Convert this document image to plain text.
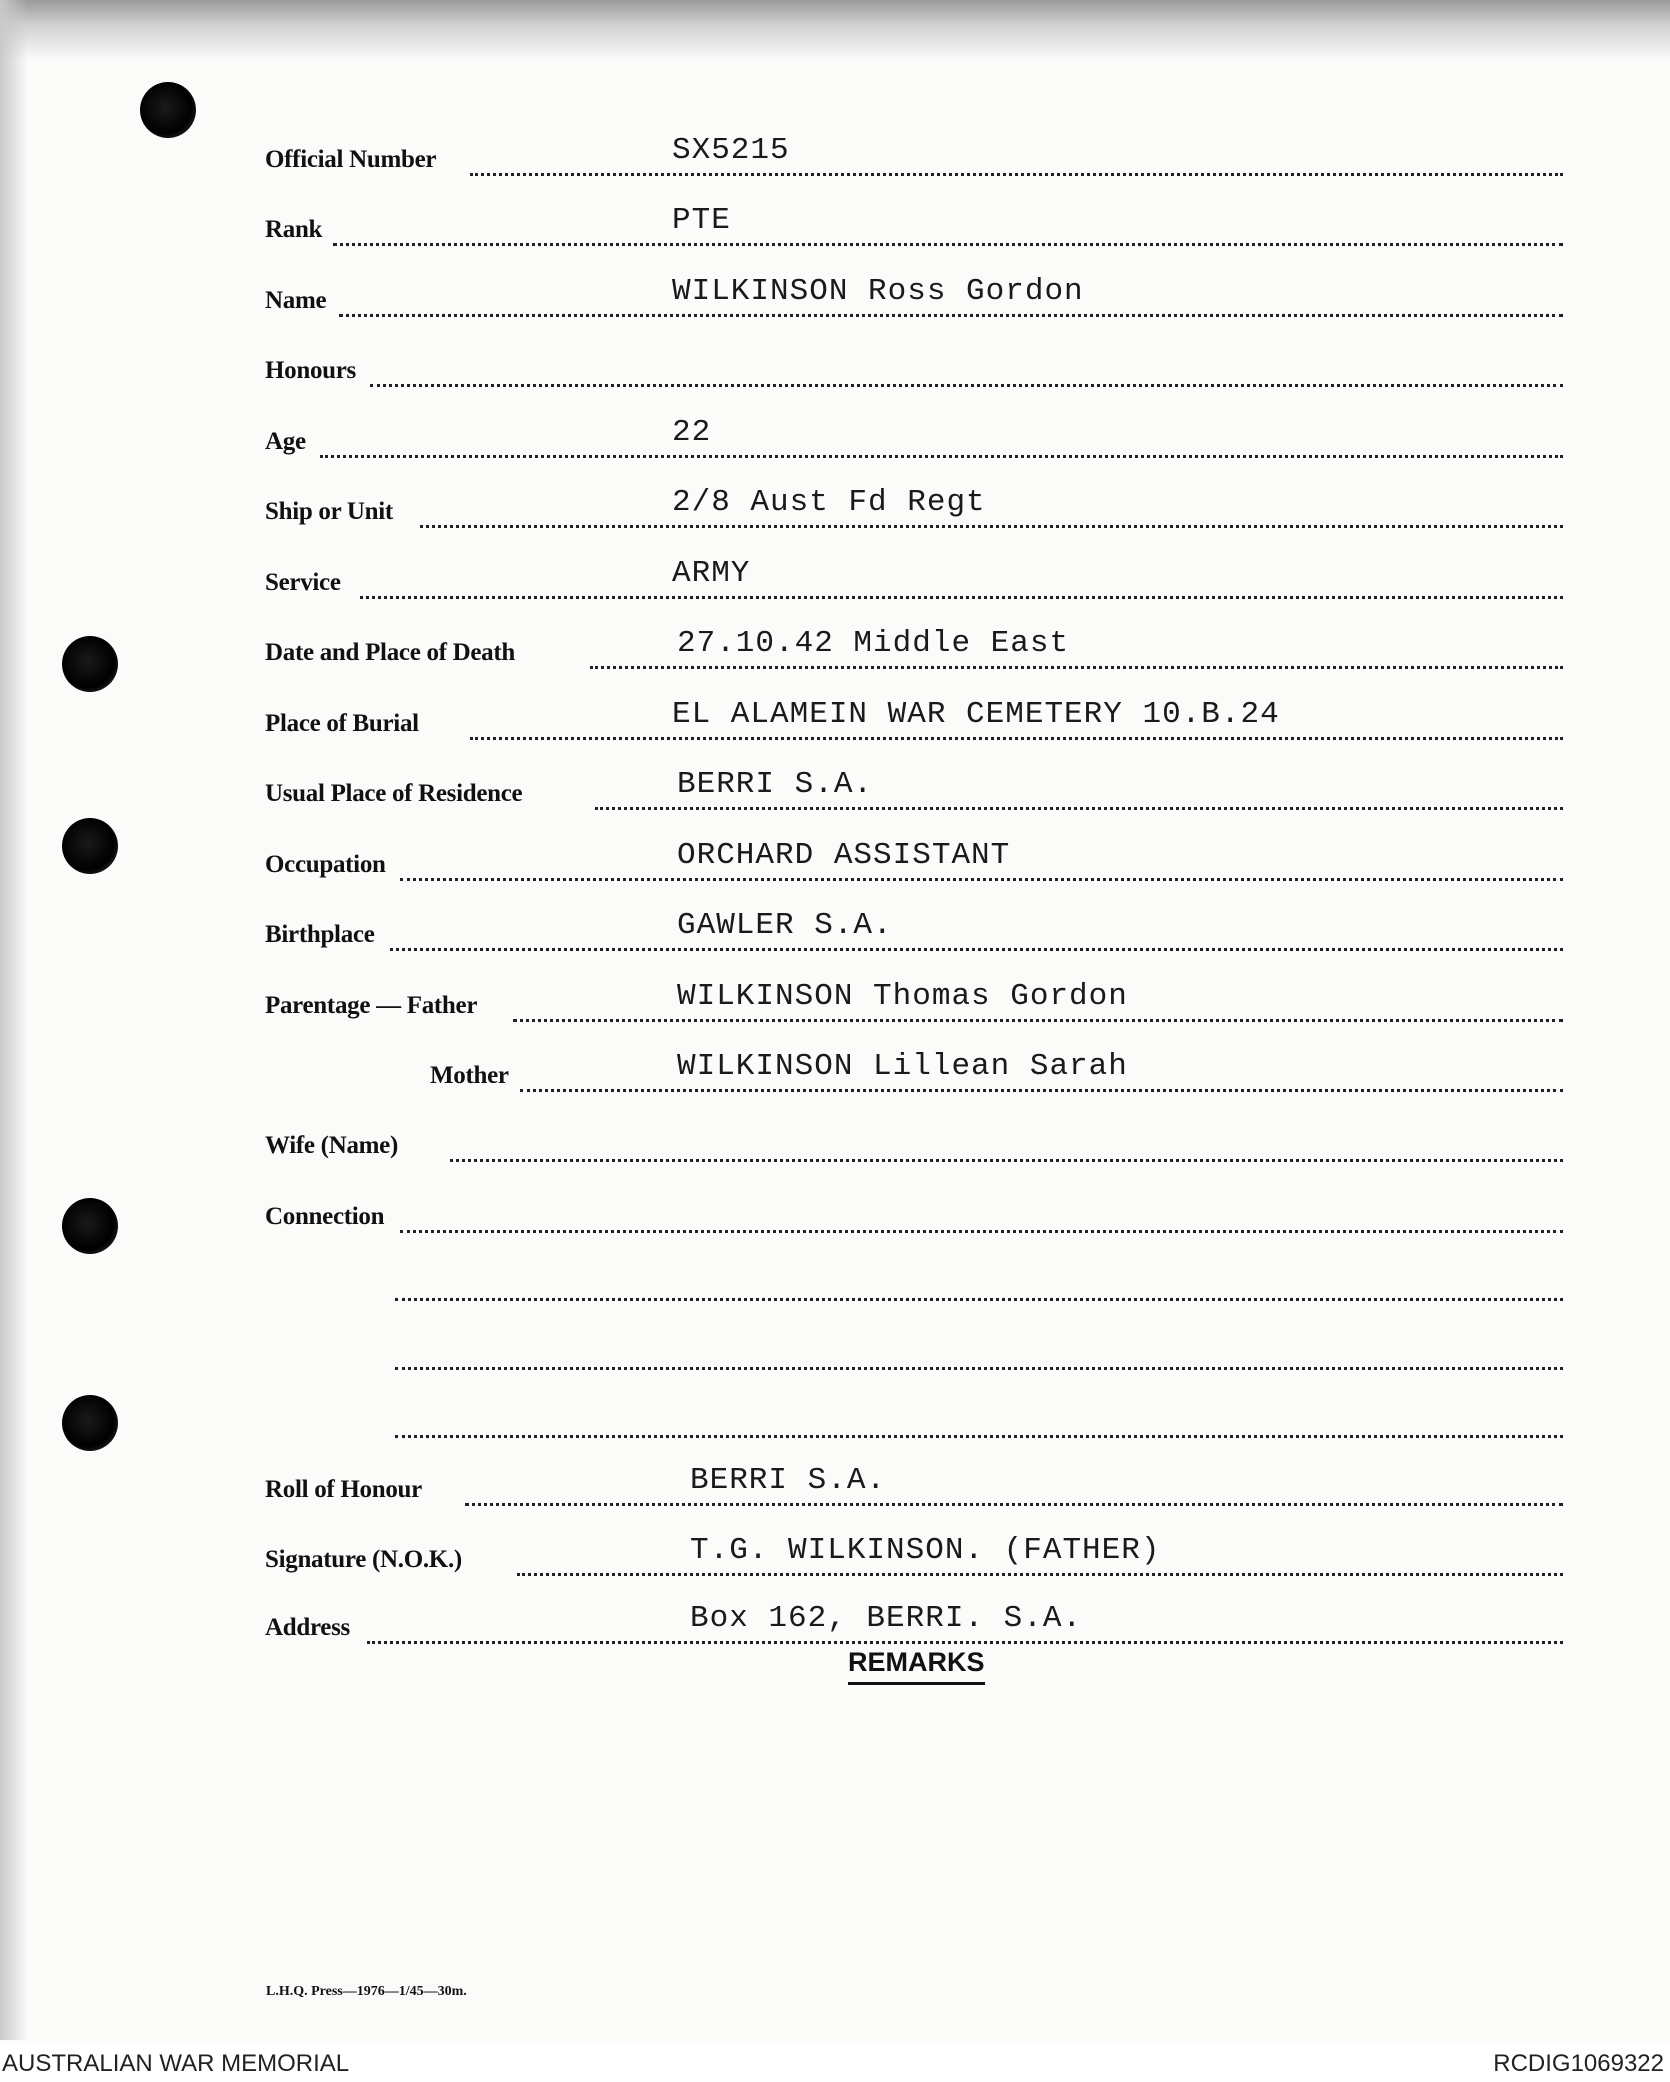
Official Number	SX5215
Rank	PTE
Name	WILKINSON Ross Gordon
Honours
Age	22
Ship or Unit	2/8 Aust Fd Regt
Service	ARMY
Date and Place of Death	27.10.42 Middle East
Place of Burial	EL ALAMEIN WAR CEMETERY 10.B.24
Usual Place of Residence	BERRI S.A.
Occupation	ORCHARD ASSISTANT
Birthplace	GAWLER S.A.
Parentage — Father	WILKINSON Thomas Gordon
Mother	WILKINSON Lillean Sarah
Wife (Name)
Connection
Roll of Honour	BERRI S.A.
Signature (N.O.K.)	T.G. WILKINSON. (FATHER)
Address	Box 162, BERRI. S.A.
REMARKS
L.H.Q. Press—1976—1/45—30m.
AUSTRALIAN WAR MEMORIAL	RCDIG1069322
